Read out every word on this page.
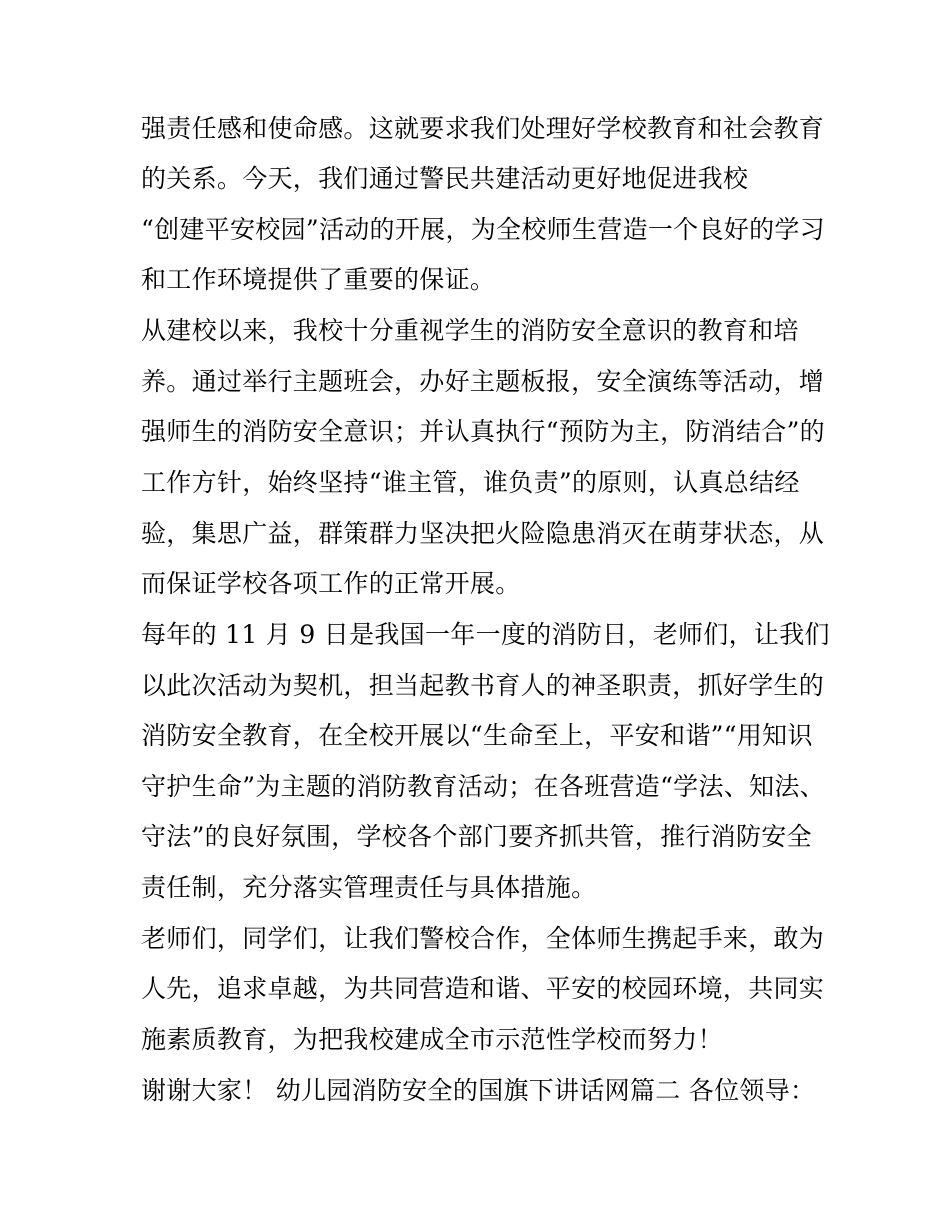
强责任感和使命感。这就要求我们处理好学校教育和社会教育
的关系。今天，我们通过警民共建活动更好地促进我校
“创建平安校园”活动的开展，为全校师生营造一个良好的学习
和工作环境提供了重要的保证。
从建校以来，我校十分重视学生的消防安全意识的教育和培
养。通过举行主题班会，办好主题板报，安全演练等活动，增
强师生的消防安全意识；并认真执行“预防为主，防消结合”的
工作方针，始终坚持“谁主管，谁负责”的原则，认真总结经
验，集思广益，群策群力坚决把火险隐患消灭在萌芽状态，从
而保证学校各项工作的正常开展。
每年的 11 月 9 日是我国一年一度的消防日，老师们，让我们
以此次活动为契机，担当起教书育人的神圣职责，抓好学生的
消防安全教育，在全校开展以“生命至上，平安和谐”“用知识
守护生命”为主题的消防教育活动；在各班营造“学法、知法、
守法”的良好氛围，学校各个部门要齐抓共管，推行消防安全
责任制，充分落实管理责任与具体措施。
老师们，同学们，让我们警校合作，全体师生携起手来，敢为
人先，追求卓越，为共同营造和谐、平安的校园环境，共同实
施素质教育，为把我校建成全市示范性学校而努力！
谢谢大家！ 幼儿园消防安全的国旗下讲话网篇二 各位领导：
